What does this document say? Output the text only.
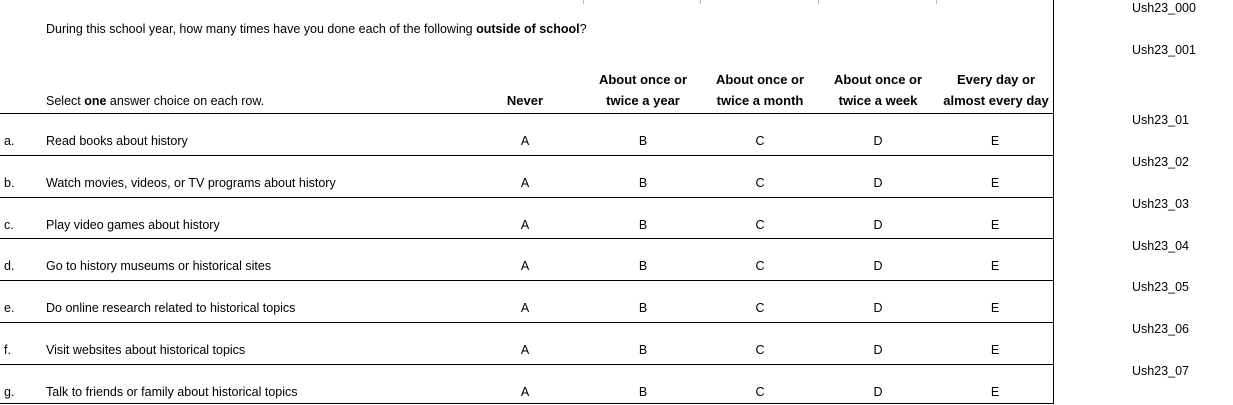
During this school year, how many times have you done each of the following outside of school?
Select one answer choice on each row.
	Never
About once or
twice a year
About once or
twice a month
About once or
twice a week
Every day or
almost every day
a.	Read books about history	A	B	C	D	E
b.	Watch movies, videos, or TV programs about history	A	B	C	D	E
c.	Play video games about history	A	B	C	D	E
d.	Go to history museums or historical sites	A	B	C	D	E
e.	Do online research related to historical topics	A	B	C	D	E
f.	Visit websites about historical topics	A	B	C	D	E
g.	Talk to friends or family about historical topics	A	B	C	D	E
Ush23_000
Ush23_001
Ush23_01
Ush23_02
Ush23_03
Ush23_04
Ush23_05
Ush23_06
Ush23_07
